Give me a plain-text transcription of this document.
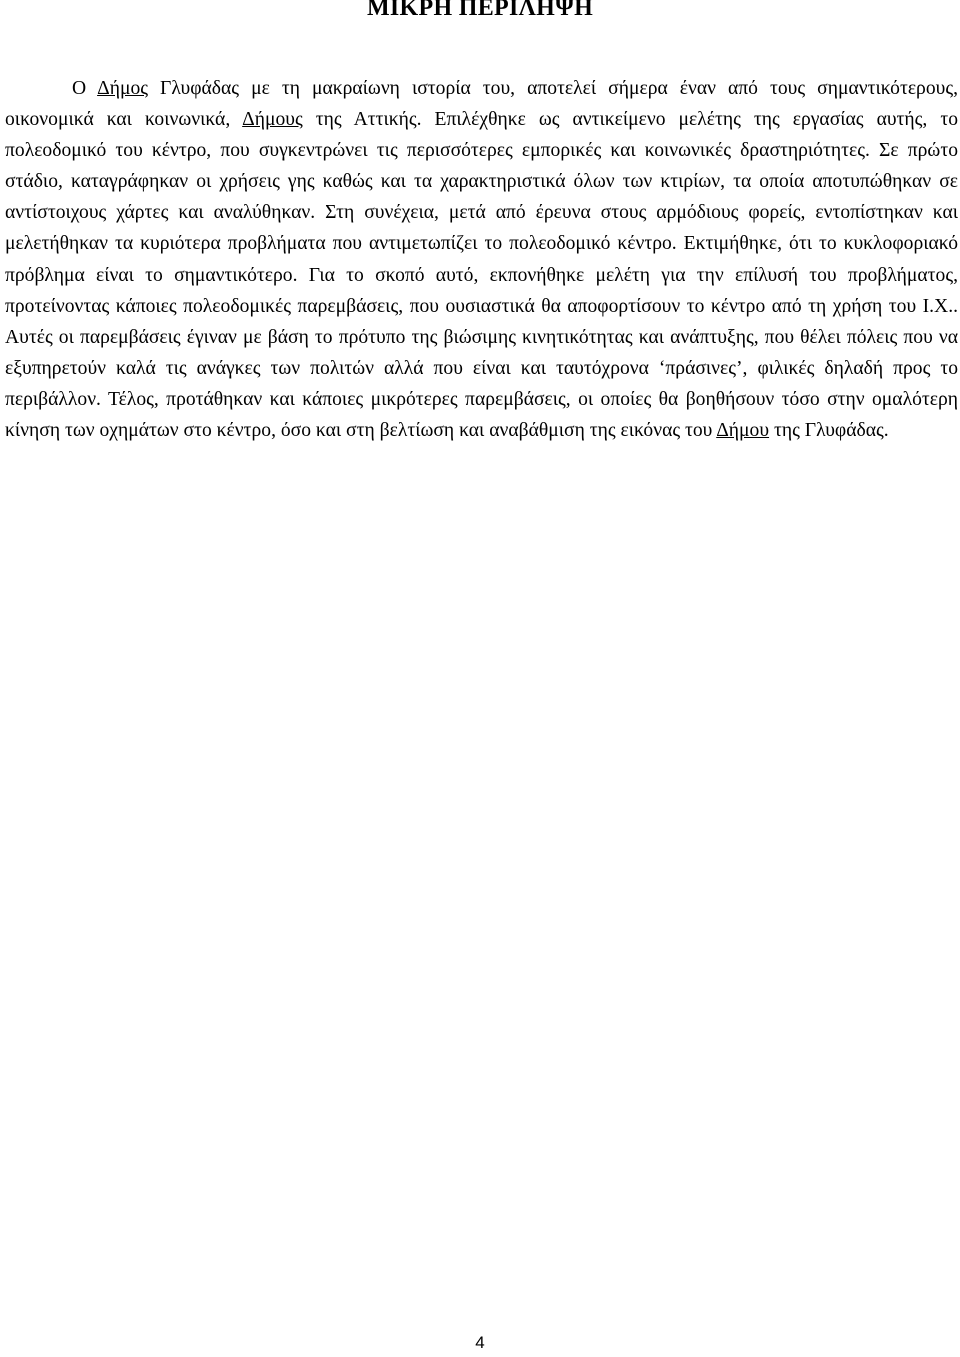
ΜΙΚΡΗ ΠΕΡΙΛΗΨΗ

Ο Δήμος Γλυφάδας με τη μακραίωνη ιστορία του, αποτελεί σήμερα έναν από τους σημαντικότερους, οικονομικά και κοινωνικά, Δήμους της Αττικής. Επιλέχθηκε ως αντικείμενο μελέτης της εργασίας αυτής, το πολεοδομικό του κέντρο, που συγκεντρώνει τις περισσότερες εμπορικές και κοινωνικές δραστηριότητες. Σε πρώτο στάδιο, καταγράφηκαν οι χρήσεις γης καθώς και τα χαρακτηριστικά όλων των κτιρίων, τα οποία αποτυπώθηκαν σε αντίστοιχους χάρτες και αναλύθηκαν. Στη συνέχεια, μετά από έρευνα στους αρμόδιους φορείς, εντοπίστηκαν και μελετήθηκαν τα κυριότερα προβλήματα που αντιμετωπίζει το πολεοδομικό κέντρο. Εκτιμήθηκε, ότι το κυκλοφοριακό πρόβλημα είναι το σημαντικότερο. Για το σκοπό αυτό, εκπονήθηκε μελέτη για την επίλυσή του προβλήματος, προτείνοντας κάποιες πολεοδομικές παρεμβάσεις, που ουσιαστικά θα αποφορτίσουν το κέντρο από τη χρήση του Ι.Χ.. Αυτές οι παρεμβάσεις έγιναν με βάση το πρότυπο της βιώσιμης κινητικότητας και ανάπτυξης, που θέλει πόλεις που να εξυπηρετούν καλά τις ανάγκες των πολιτών αλλά που είναι και ταυτόχρονα ‘πράσινες’, φιλικές δηλαδή προς το περιβάλλον. Τέλος, προτάθηκαν και κάποιες μικρότερες παρεμβάσεις, οι οποίες θα βοηθήσουν τόσο στην ομαλότερη κίνηση των οχημάτων στο κέντρο, όσο και στη βελτίωση και αναβάθμιση της εικόνας του Δήμου της Γλυφάδας.

4
